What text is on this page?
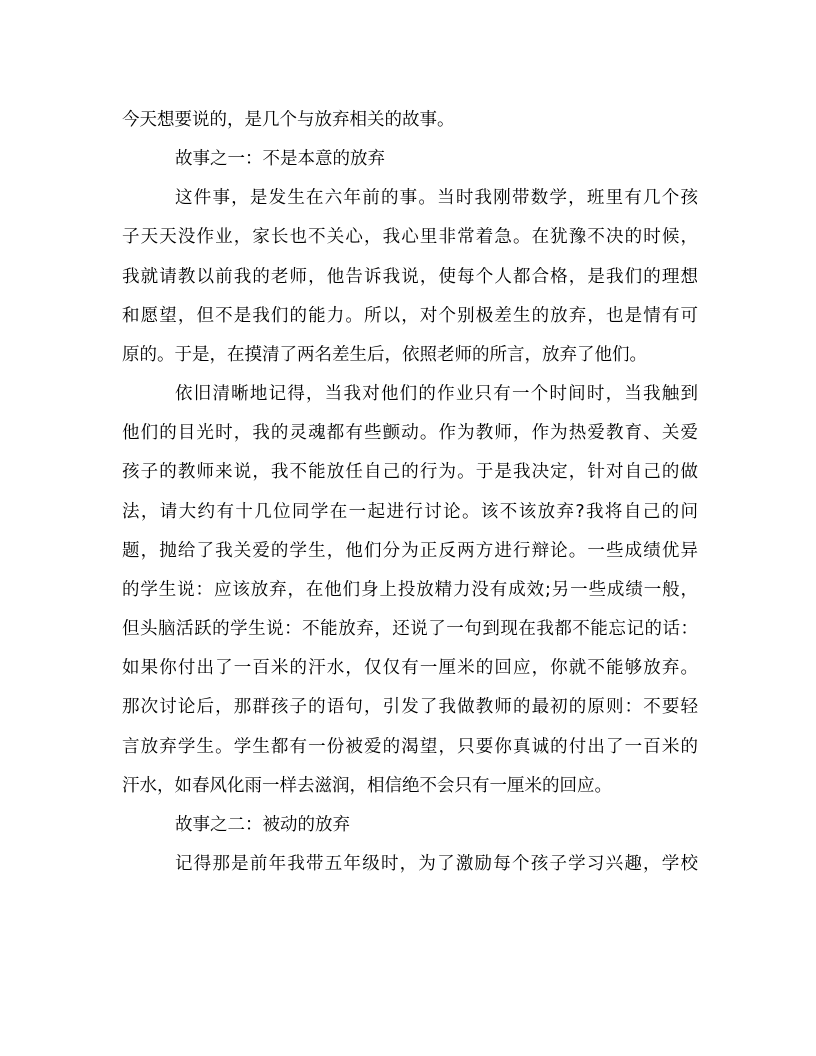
今天想要说的，是几个与放弃相关的故事。

故事之一：不是本意的放弃

这件事，是发生在六年前的事。当时我刚带数学，班里有几个孩

子天天没作业，家长也不关心，我心里非常着急。在犹豫不决的时候，

我就请教以前我的老师，他告诉我说，使每个人都合格，是我们的理想

和愿望，但不是我们的能力。所以，对个别极差生的放弃，也是情有可

原的。于是，在摸清了两名差生后，依照老师的所言，放弃了他们。

依旧清晰地记得，当我对他们的作业只有一个时间时，当我触到

他们的目光时，我的灵魂都有些颤动。作为教师，作为热爱教育、关爱

孩子的教师来说，我不能放任自己的行为。于是我决定，针对自己的做

法，请大约有十几位同学在一起进行讨论。该不该放弃?我将自己的问

题，抛给了我关爱的学生，他们分为正反两方进行辩论。一些成绩优异

的学生说：应该放弃，在他们身上投放精力没有成效;另一些成绩一般，

但头脑活跃的学生说：不能放弃，还说了一句到现在我都不能忘记的话：

如果你付出了一百米的汗水，仅仅有一厘米的回应，你就不能够放弃。

那次讨论后，那群孩子的语句，引发了我做教师的最初的原则：不要轻

言放弃学生。学生都有一份被爱的渴望，只要你真诚的付出了一百米的

汗水，如春风化雨一样去滋润，相信绝不会只有一厘米的回应。

故事之二：被动的放弃

记得那是前年我带五年级时，为了激励每个孩子学习兴趣，学校
